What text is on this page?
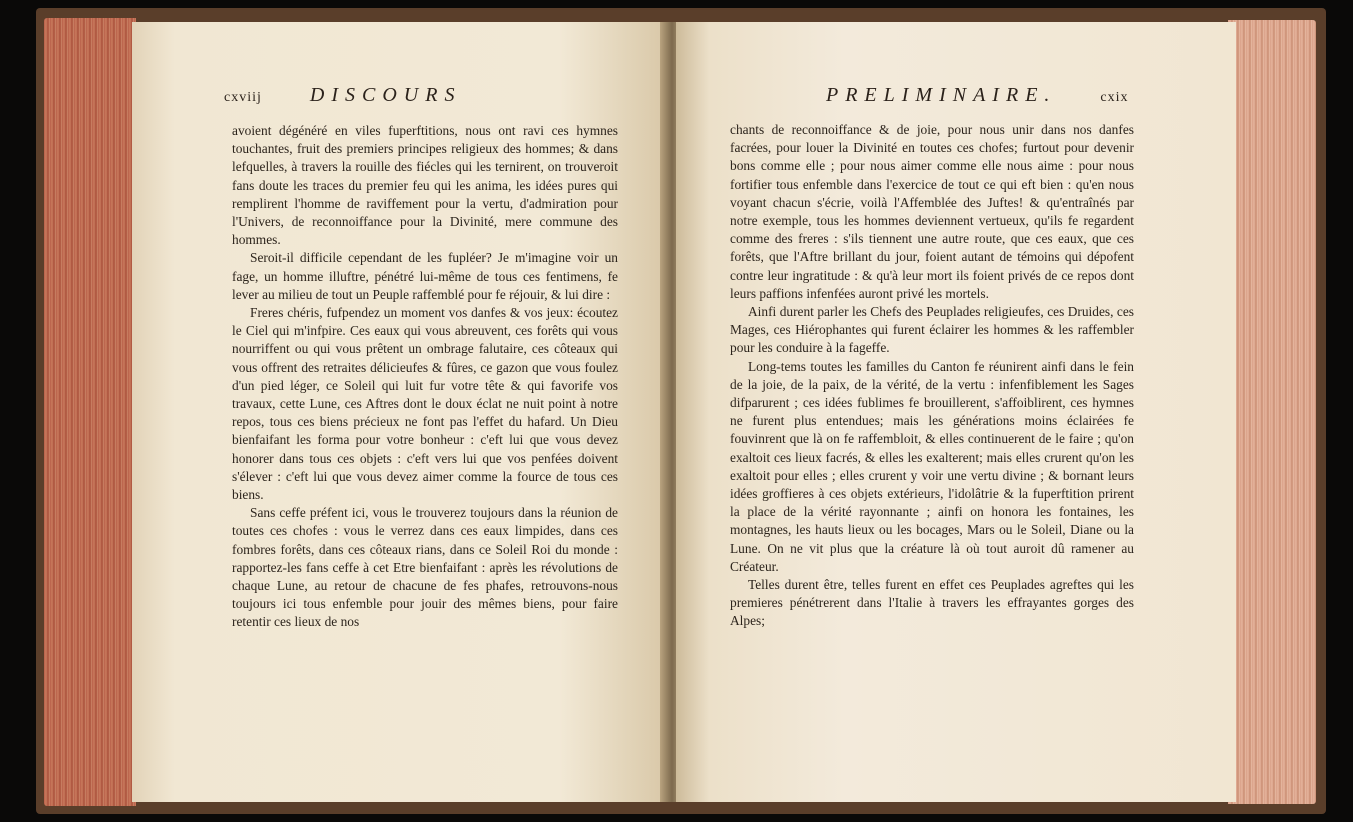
cxviij DISCOURS

avoient dégénéré en viles fuperftitions, nous ont ravi ces hymnes touchantes, fruit des premiers principes religieux des hommes; & dans lefquelles, à travers la rouille des fiécles qui les ternirent, on trouveroit fans doute les traces du premier feu qui les anima, les idées pures qui remplirent l'homme de raviffement pour la vertu, d'admiration pour l'Univers, de reconnoiffance pour la Divinité, mere commune des hommes.

Seroit-il difficile cependant de les fupléer? Je m'imagine voir un fage, un homme illuftre, pénétré lui-même de tous ces fentimens, fe lever au milieu de tout un Peuple raffemblé pour fe réjouir, & lui dire :

Freres chéris, fufpendez un moment vos danfes & vos jeux: écoutez le Ciel qui m'infpire. Ces eaux qui vous abreuvent, ces forêts qui vous nourriffent ou qui vous prêtent un ombrage falutaire, ces côteaux qui vous offrent des retraites délicieufes & fûres, ce gazon que vous foulez d'un pied léger, ce Soleil qui luit fur votre tête & qui favorife vos travaux, cette Lune, ces Aftres dont le doux éclat ne nuit point à notre repos, tous ces biens précieux ne font pas l'effet du hafard. Un Dieu bienfaifant les forma pour votre bonheur : c'eft lui que vous devez honorer dans tous ces objets : c'eft vers lui que vos penfées doivent s'élever : c'eft lui que vous devez aimer comme la fource de tous ces biens.

Sans ceffe préfent ici, vous le trouverez toujours dans la réunion de toutes ces chofes : vous le verrez dans ces eaux limpides, dans ces fombres forêts, dans ces côteaux rians, dans ce Soleil Roi du monde : rapportez-les fans ceffe à cet Etre bienfaifant : après les révolutions de chaque Lune, au retour de chacune de fes phafes, retrouvons-nous toujours ici tous enfemble pour jouir des mêmes biens, pour faire retentir ces lieux de nos

PRELIMINAIRE.	cxix

chants de reconnoiffance & de joie, pour nous unir dans nos danfes facrées, pour louer la Divinité en toutes ces chofes; furtout pour devenir bons comme elle ; pour nous aimer comme elle nous aime : pour nous fortifier tous enfemble dans l'exercice de tout ce qui eft bien : qu'en nous voyant chacun s'écrie, voilà l'Affemblée des Juftes! & qu'entraînés par notre exemple, tous les hommes deviennent vertueux, qu'ils fe regardent comme des freres : s'ils tiennent une autre route, que ces eaux, que ces forêts, que l'Aftre brillant du jour, foient autant de témoins qui dépofent contre leur ingratitude : & qu'à leur mort ils foient privés de ce repos dont leurs paffions infenfées auront privé les mortels.

Ainfi durent parler les Chefs des Peuplades religieufes, ces Druides, ces Mages, ces Hiérophantes qui furent éclairer les hommes & les raffembler pour les conduire à la fageffe.

Long-tems toutes les familles du Canton fe réunirent ainfi dans le fein de la joie, de la paix, de la vérité, de la vertu : infenfiblement les Sages difparurent ; ces idées fublimes fe brouillerent, s'affoiblirent, ces hymnes ne furent plus entendues; mais les générations moins éclairées fe fouvinrent que là on fe raffembloit, & elles continuerent de le faire ; qu'on exaltoit ces lieux facrés, & elles les exalterent; mais elles crurent qu'on les exaltoit pour elles ; elles crurent y voir une vertu divine ; & bornant leurs idées groffieres à ces objets extérieurs, l'idolâtrie & la fuperftition prirent la place de la vérité rayonnante ; ainfi on honora les fontaines, les montagnes, les hauts lieux ou les bocages, Mars ou le Soleil, Diane ou la Lune. On ne vit plus que la créature là où tout auroit dû ramener au Créateur.

Telles durent être, telles furent en effet ces Peuplades agreftes qui les premieres pénétrerent dans l'Italie à travers les effrayantes gorges des Alpes;
